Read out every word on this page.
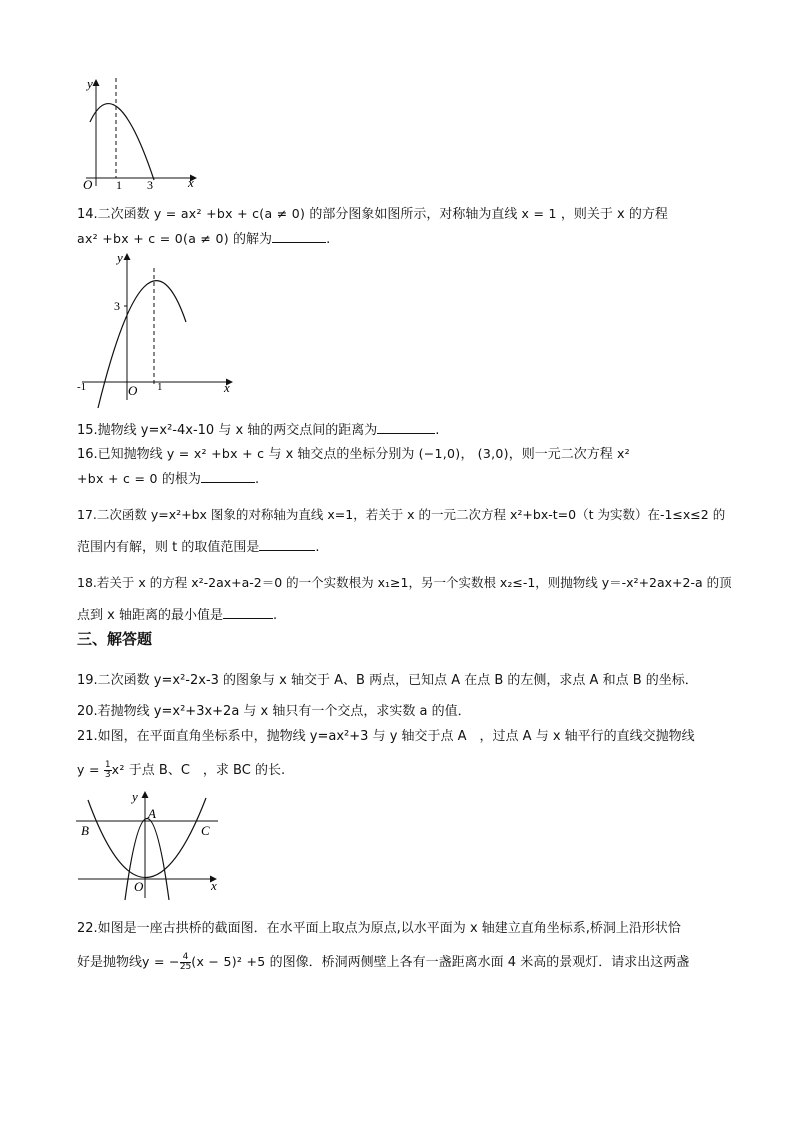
y
x
O 1 3
14.二次函数 y = ax² +bx + c(a ≠ 0) 的部分图象如图所示，对称轴为直线 x = 1 ，则关于 x 的方程
ax² +bx + c = 0(a ≠ 0) 的解为	.
y
x
O
-1	1
3
15.抛物线 y=x²-4x-10 与 x 轴的两交点间的距离为	.
16.已知抛物线 y = x² +bx + c 与 x 轴交点的坐标分别为 (−1,0)， (3,0)，则一元二次方程 x²
+bx + c = 0 的根为	.
17.二次函数 y=x²+bx 图象的对称轴为直线 x=1，若关于 x 的一元二次方程 x²+bx-t=0（t 为实数）在-1≤x≤2 的
范围内有解，则 t 的取值范围是	.
18.若关于 x 的方程 x²-2ax+a-2＝0 的一个实数根为 x₁≥1，另一个实数根 x₂≤-1，则抛物线 y＝-x²+2ax+2-a 的顶
点到 x 轴距离的最小值是	.
三、解答题
19.二次函数 y=x²-2x-3 的图象与 x 轴交于 A、B 两点，已知点 A 在点 B 的左侧，求点 A 和点 B 的坐标．
20.若抛物线 y=x²+3x+2a 与 x 轴只有一个交点，求实数 a 的值．
21.如图，在平面直角坐标系中，抛物线 y=ax²+3 与 y 轴交于点 A　，过点 A 与 x 轴平行的直线交抛物线
$y = \frac{1}{3} x^2$ 于点 B、C　，求 BC 的长.
y
x
O
A
B	C
22.如图是一座古拱桥的截面图．在水平面上取点为原点,以水平面为 x 轴建立直角坐标系,桥洞上沿形状恰
好是抛物线y = − $\frac{4}{25} (x - 5)^2 +5$ 的图像．桥洞两侧壁上各有一盏距离水面 4 米高的景观灯．请求出这两盏
